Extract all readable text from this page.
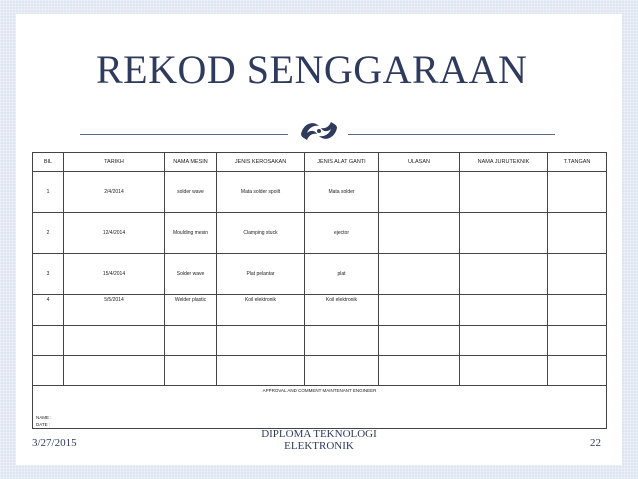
REKOD SENGGARAAN
BIL	TARIKH	NAMA MESIN	JENIS KEROSAKAN	JENIS ALAT GANTI	ULASAN	NAMA JURUTEKNIK	T.TANGAN
1	2/4/2014	solder wave	Mata solder spoilt	Mata solder			
2	12/4/2014	Moulding mesin	Clamping stuck	ejector			
3	15/4/2014	Solder wave	Plat pelantar	plat			
4	5/5/2014	Welder plastic	Koil elektronik	Koil elektronik			

APPROVAL AND COMMENT MAINTENANT ENGINEER
NAME :
DATE :							
3/27/2015
DIPLOMA TEKNOLOGI
ELEKTRONIK	22
